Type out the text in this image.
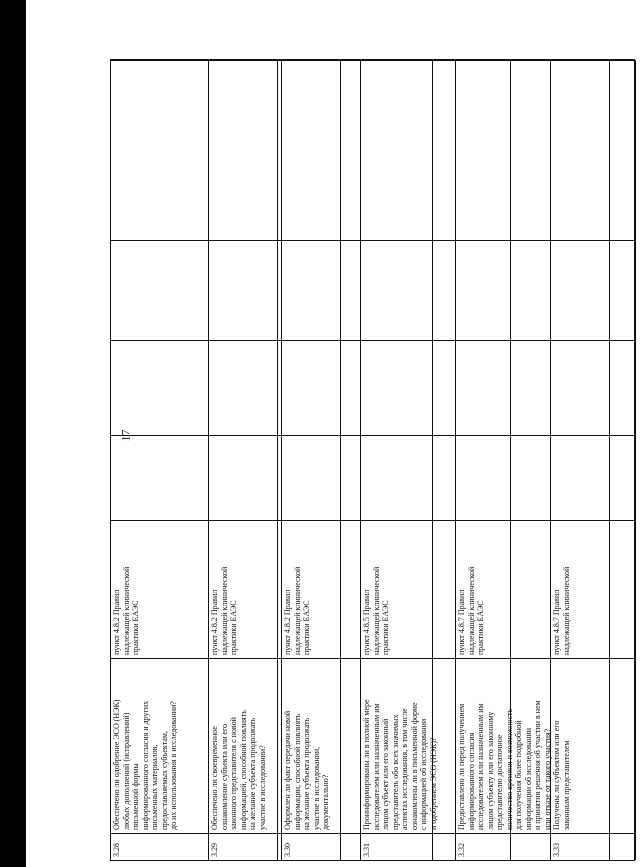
17
3.28
Обеспечено ли одобрение ЭСО (НЭК)
любых дополнений (исправлений)
письменной формы
информированного согласия и других
письменных материалов,
предоставляемых субъектам,
до их использования в исследовании?
пункт 4.8.2 Правил
надлежащей клинической
практики ЕАЭС
3.29
Обеспечено ли своевременное
ознакомление субъекта или его
законного представителя с новой
информацией, способной повлиять
на желание субъекта продолжать
участие в исследовании?
пункт 4.8.2 Правил
надлежащей клинической
практики ЕАЭС
3.30
Оформлен ли факт передачи новой
информации, способной повлиять
на желание субъекта продолжать
участие в исследовании,
документально?
пункт 4.8.2 Правил
надлежащей клинической
практики ЕАЭС
3.31
Проинформированы ли в полной мере
исследователем или назначенным им
лицом субъект или его законный
представитель обо всех значимых
аспектах исследования, в том числе
ознакомлены ли в письменной форме
с информацией об исследовании
и одобрением ЭСО (НЭК)?
пункт 4.8.5 Правил
надлежащей клинической
практики ЕАЭС
3.32
Предоставлено ли перед получением
информированного согласия
исследователем или назначенным им
лицом субъекту или его законному
представителю достаточное
количество времени и возможность
для получения более подробной
информации об исследовании
и принятия решения об участии в нем
или отказе от такого участия?
пункт 4.8.7 Правил
надлежащей клинической
практики ЕАЭС
3.33
Получены ли субъектом или его
законным представителем
пункт 4.8.7 Правил
надлежащей клинической
